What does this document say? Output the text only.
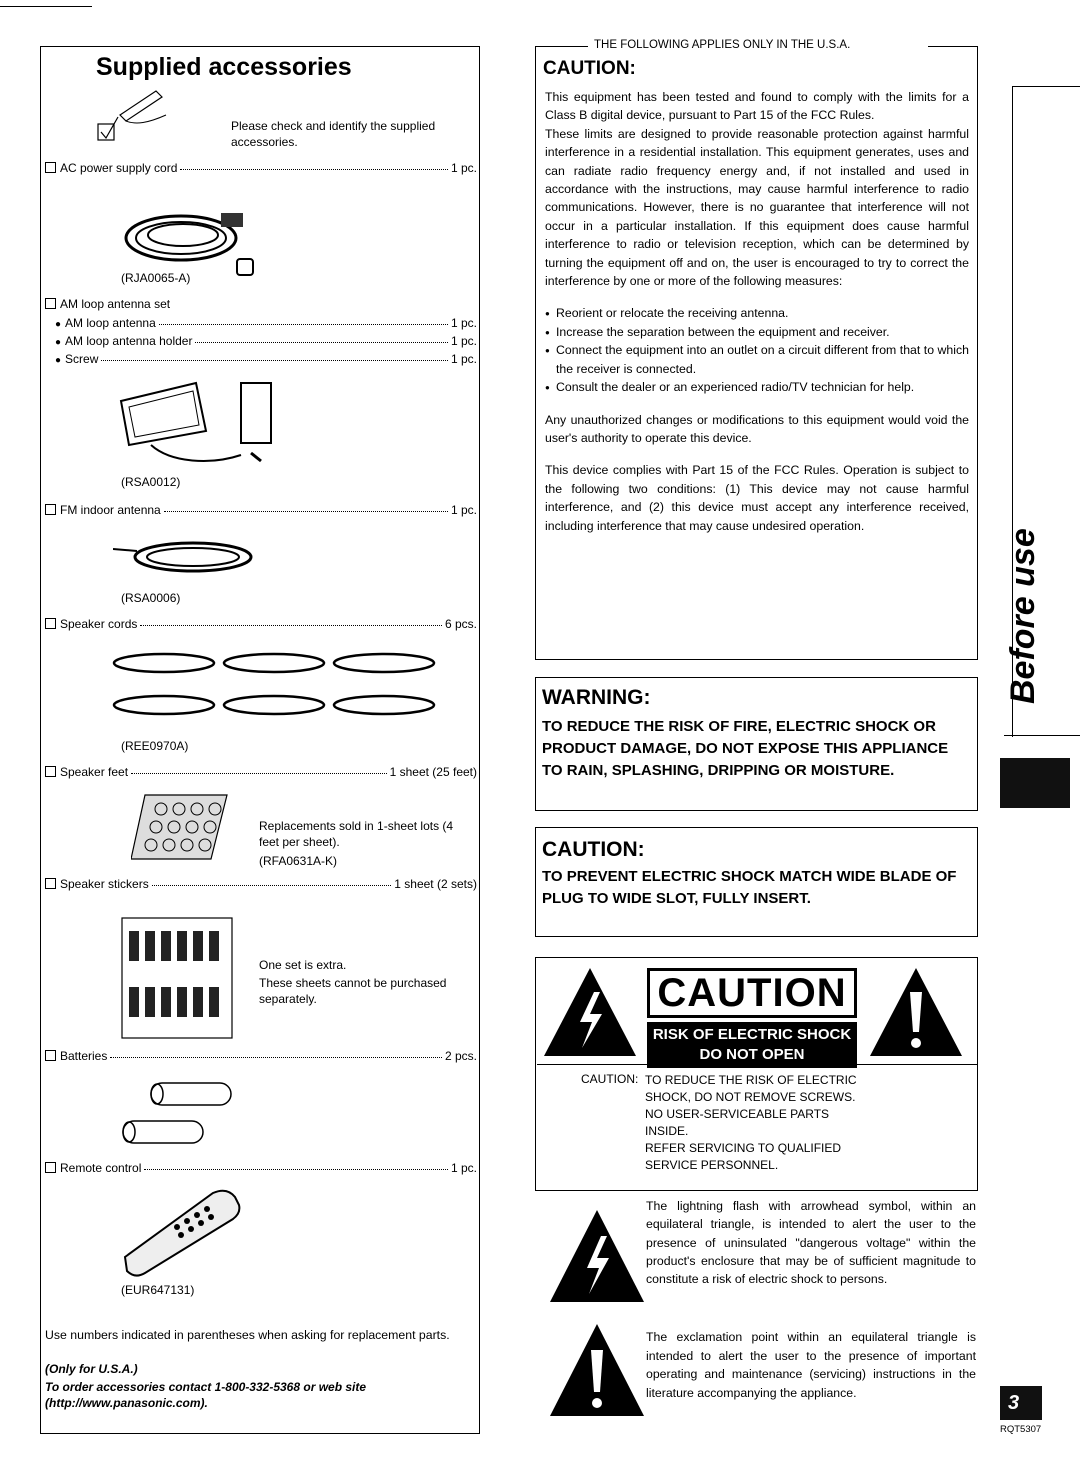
Supplied accessories
Please check and identify the supplied accessories.
AC power supply cord	1 pc.
(RJA0065-A)
AM loop antenna set
● AM loop antenna	1 pc.
● AM loop antenna holder	1 pc.
● Screw	1 pc.
(RSA0012)
FM indoor antenna	1 pc.
(RSA0006)
Speaker cords	6 pcs.
(REE0970A)
Speaker feet	1 sheet (25 feet)
Replacements sold in 1-sheet lots (4 feet per sheet).
(RFA0631A-K)
Speaker stickers	1 sheet (2 sets)
One set is extra.
These sheets cannot be purchased separately.
Batteries	2 pcs.
Remote control	1 pc.
(EUR647131)
Use numbers indicated in parentheses when asking for replacement parts.
(Only for U.S.A.)
To order accessories contact 1-800-332-5368 or web site (http://www.panasonic.com).
THE FOLLOWING APPLIES ONLY IN THE U.S.A.
CAUTION:
This equipment has been tested and found to comply with the limits for a Class B digital device, pursuant to Part 15 of the FCC Rules.
These limits are designed to provide reasonable protection against harmful interference in a residential installation. This equipment generates, uses and can radiate radio frequency energy and, if not installed and used in accordance with the instructions, may cause harmful interference to radio communications. However, there is no guarantee that interference will not occur in a particular installation. If this equipment does cause harmful interference to radio or television reception, which can be determined by turning the equipment off and on, the user is encouraged to try to correct the interference by one or more of the following measures:
● Reorient or relocate the receiving antenna.
● Increase the separation between the equipment and receiver.
● Connect the equipment into an outlet on a circuit different from that to which the receiver is connected.
● Consult the dealer or an experienced radio/TV technician for help.
Any unauthorized changes or modifications to this equipment would void the user's authority to operate this device.
This device complies with Part 15 of the FCC Rules. Operation is subject to the following two conditions: (1) This device may not cause harmful interference, and (2) this device must accept any interference received, including interference that may cause undesired operation.
WARNING:
TO REDUCE THE RISK OF FIRE, ELECTRIC SHOCK OR PRODUCT DAMAGE, DO NOT EXPOSE THIS APPLIANCE TO RAIN, SPLASHING, DRIPPING OR MOISTURE.
CAUTION:
TO PREVENT ELECTRIC SHOCK MATCH WIDE BLADE OF PLUG TO WIDE SLOT, FULLY INSERT.
CAUTION
RISK OF ELECTRIC SHOCK
DO NOT OPEN
CAUTION: TO REDUCE THE RISK OF ELECTRIC
SHOCK, DO NOT REMOVE SCREWS.
NO USER-SERVICEABLE PARTS
INSIDE.
REFER SERVICING TO QUALIFIED
SERVICE PERSONNEL.
The lightning flash with arrowhead symbol, within an equilateral triangle, is intended to alert the user to the presence of uninsulated "dangerous voltage" within the product's enclosure that may be of sufficient magnitude to constitute a risk of electric shock to persons.
The exclamation point within an equilateral triangle is intended to alert the user to the presence of important operating and maintenance (servicing) instructions in the literature accompanying the appliance.
Before use
3
RQT5307
